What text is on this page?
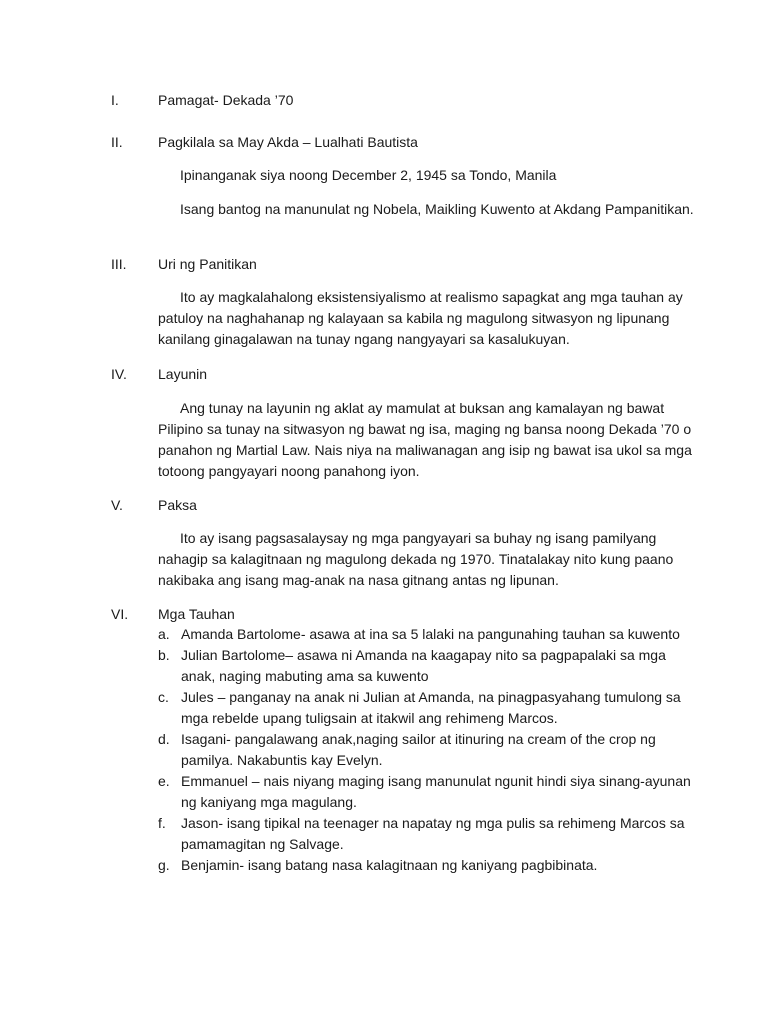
I.	Pamagat- Dekada ’70
II.	Pagkilala sa May Akda – Lualhati Bautista

Ipinanganak siya noong December 2, 1945 sa Tondo, Manila

Isang bantog na manunulat ng Nobela, Maikling Kuwento at Akdang Pampanitikan.

III. Uri ng Panitikan

Ito ay magkalahalong eksistensiyalismo at realismo sapagkat ang mga tauhan ay patuloy na naghahanap ng kalayaan sa kabila ng magulong sitwasyon ng lipunang kanilang ginagalawan na tunay ngang nangyayari sa kasalukuyan.

IV. Layunin

Ang tunay na layunin ng aklat ay mamulat at buksan ang kamalayan ng bawat Pilipino sa tunay na sitwasyon ng bawat ng isa, maging ng bansa noong Dekada ’70 o panahon ng Martial Law. Nais niya na maliwanagan ang isip ng bawat isa ukol sa mga totoong pangyayari noong panahong iyon.

V.	Paksa

Ito ay isang pagsasalaysay ng mga pangyayari sa buhay ng isang pamilyang nahagip sa kalagitnaan ng magulong dekada ng 1970. Tinatalakay nito kung paano nakibaka ang isang mag-anak na nasa gitnang antas ng lipunan.

VI. Mga Tauhan
a. Amanda Bartolome- asawa at ina sa 5 lalaki na pangunahing tauhan sa kuwento
b. Julian Bartolome– asawa ni Amanda na kaagapay nito sa pagpapalaki sa mga anak, naging mabuting ama sa kuwento
c. Jules – panganay na anak ni Julian at Amanda, na pinagpasyahang tumulong sa mga rebelde upang tuligsain at itakwil ang rehimeng Marcos.
d. Isagani- pangalawang anak,naging sailor at itinuring na cream of the crop ng pamilya. Nakabuntis kay Evelyn.
e. Emmanuel – nais niyang maging isang manunulat ngunit hindi siya sinang-ayunan ng kaniyang mga magulang.
f. Jason- isang tipikal na teenager na napatay ng mga pulis sa rehimeng Marcos sa pamamagitan ng Salvage.
g. Benjamin- isang batang nasa kalagitnaan ng kaniyang pagbibinata.
